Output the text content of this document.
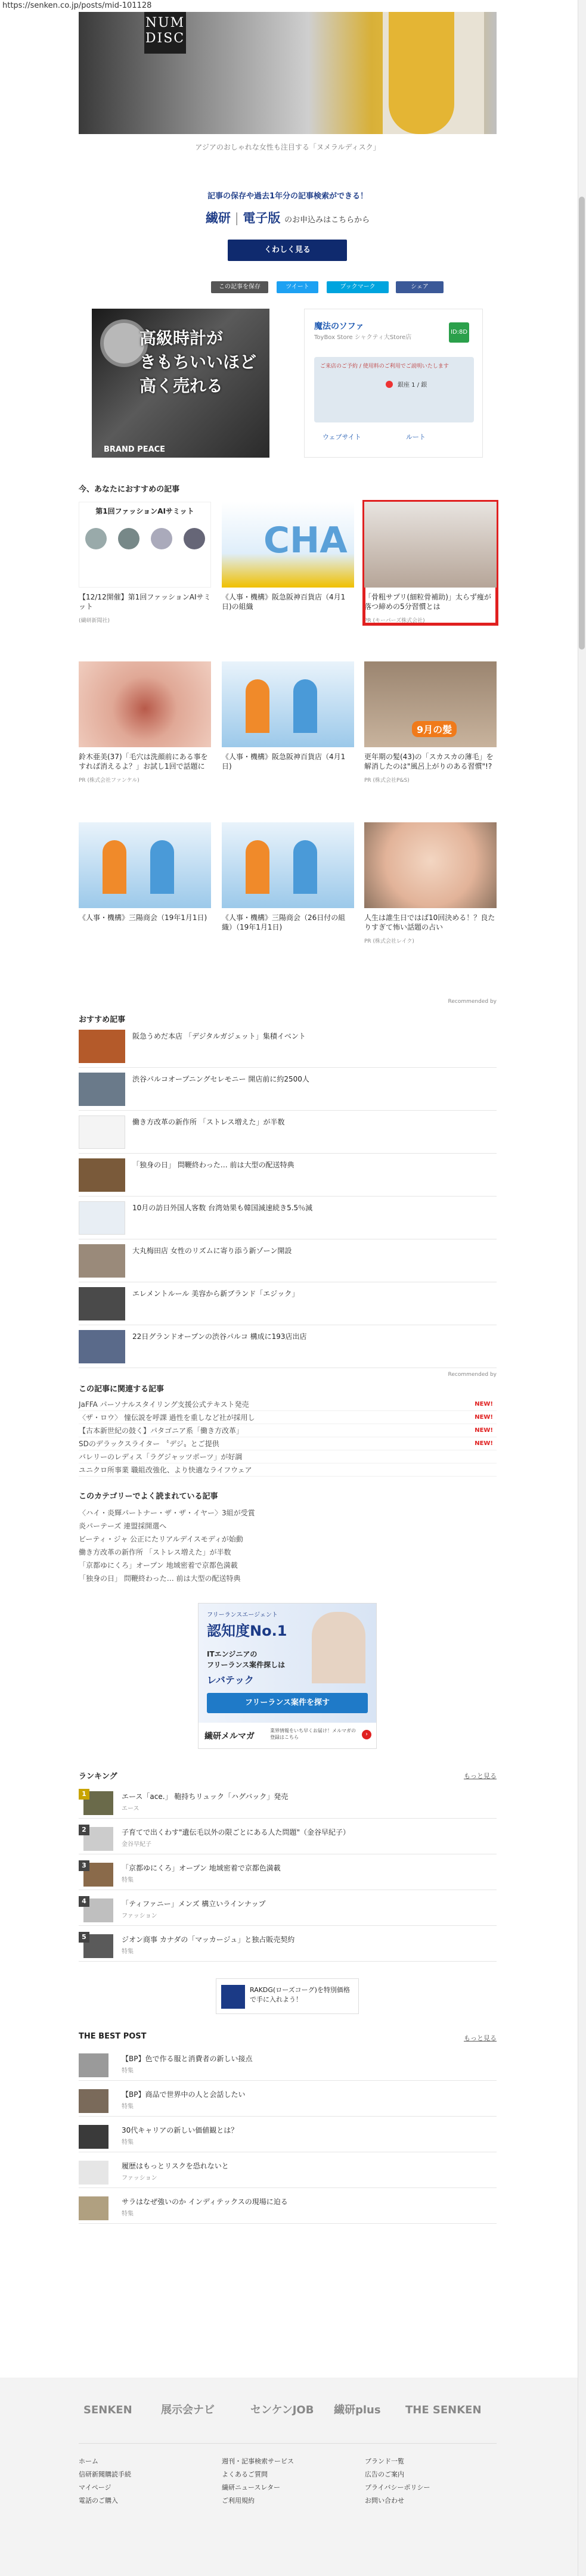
https://senken.co.jp/posts/mid-101128
NUM
DISC
アジアのおしゃれな女性も注目する「ヌメラルディスク」
記事の保存や過去1年分の記事検索ができる！
繊研 | 電子版 のお申込みはこちらから
くわしく見る
この記事を保存	ツイート	ブックマーク	シェア
高級時計が
きもちいいほど
高く売れる
BRAND PEACE
魔法のソファ
ToyBox Store シャクティ大Store店
ID:8D
ご来店のご予約 / 使用料のご利用でご説明いたします
銀座 1 / 銀
ウェブサイト	ルート
今、あなたにおすすめの記事
第1回ファッションAIサミット
【12/12開催】第1回ファッションAIサミット
(繊研新聞社)
CHA
《人事・機構》阪急阪神百貨店（4月1日)の組織
「骨粗サプリ(細粒骨補助)」太らず痩が落つ締めの5分習慣とは
PR (キーパーズ株式会社)
鈴木亜美(37)「毛穴は洗顔前にある事をすれば消えるよ？」お試し1回で話題に
PR (株式会社ファンケル)
《人事・機構》阪急阪神百貨店（4月1日)
9月の髪
更年期の髪(43)の「スカスカの薄毛」を解消したのは"風呂上がりのある習慣"!?
PR (株式会社P&S)
《人事・機構》三陽商会（19年1月1日)	《人事・機構》三陽商会（26日付の組織）（19年1月1日)
人生は誰生日ではば10回決める！？良たりすぎて怖い話題の占い
PR (株式会社レイク)
Recommended by
おすすめ記事
阪急うめだ本店 「デジタルガジェット」集積イベント
渋谷パルコオープニングセレモニー 開店前に約2500人
働き方改革の新作所 「ストレス増えた」が半数
「独身の日」 問鞭終わった… 前は大型の配送特典
10月の訪日外国人客数 台湾効果も韓国減速続き5.5％減
大丸梅田店 女性のリズムに寄り添う新ゾーン開設
エレメントルール 美容から新ブランド「エジック」
22日グランドオープンの渋谷パルコ 構成に193店出店
Recommended by
この記事に関連する記事
JaFFA パーソナルスタイリング支援公式テキスト発売	NEW!
〈ザ・ロウ〉 憧伝説を呼課 過性を重しなど社が採用し	NEW!
【古本新世紀の鼓く】パタゴニア系「働き方改革」	NEW!
SDのデラックスライター 〝デジ〟とご提供	NEW!
バレリーのレディス「ラグジャッツポーツ」が好調
ユニクロ所事業 職組改強化、より快適なライフウェア
このカテゴリーでよく読まれている記事
〈ハイ・炎輝パートナー・ザ・ザ・イヤー〉3組が受賞
炎パーテーズ 連盟採開選へ
ビーティ・ジャ 公正にたリアルデイスモディが始動
働き方改革の新作所 「ストレス増えた」が半数
「京都ゆにくろ」オープン 地域密着で京都色満載
「独身の日」 問鞭終わった… 前は大型の配送特典
フリーランスエージェント
認知度No.1
ITエンジニアの
フリーランス案件探しは
レバテック
フリーランス案件を探す
繊研メルマガ
業界情報をいち早くお届け！メルマガの登録はこちら	›
ランキング	もっと見る
1	エース「ace.」 鞄持ちリュック「ハグバック」発売
エース
2	子育てで出くわす"遺伝毛以外の限ごとにある人た問題"（金谷早紀子）
金谷早紀子
3	「京都ゆにくろ」オープン 地域密着で京都色満載
特集
4	「ティファニー」メンズ 構立いラインナップ
ファッション
5	ジオン商事 カナダの「マッカージュ」と独占販売契約
特集
RAKDG(ローズコーグ)を特別価格で手に入れよう！
THE BEST POST	もっと見る
【BP】色で作る服と消費者の新しい接点
特集
【BP】商品で世界中の人と会話したい
特集
30代キャリアの新しい価値観とは？
特集
履歴はもっとリスクを恐れないと
ファッション
サラはなぜ強いのか インディテックスの現場に迫る
特集
SENKEN	展示会ナビ	センケンJOB 繊研plus THE SENKEN
ホーム
信研新聞購読手続
マイページ
電話のご購入
週刊・記事検索サービス
よくあるご質問
繊研ニュースレター
ご利用規約
ブランド一覧
広告のご案内
プライバシーポリシー
お問い合わせ
